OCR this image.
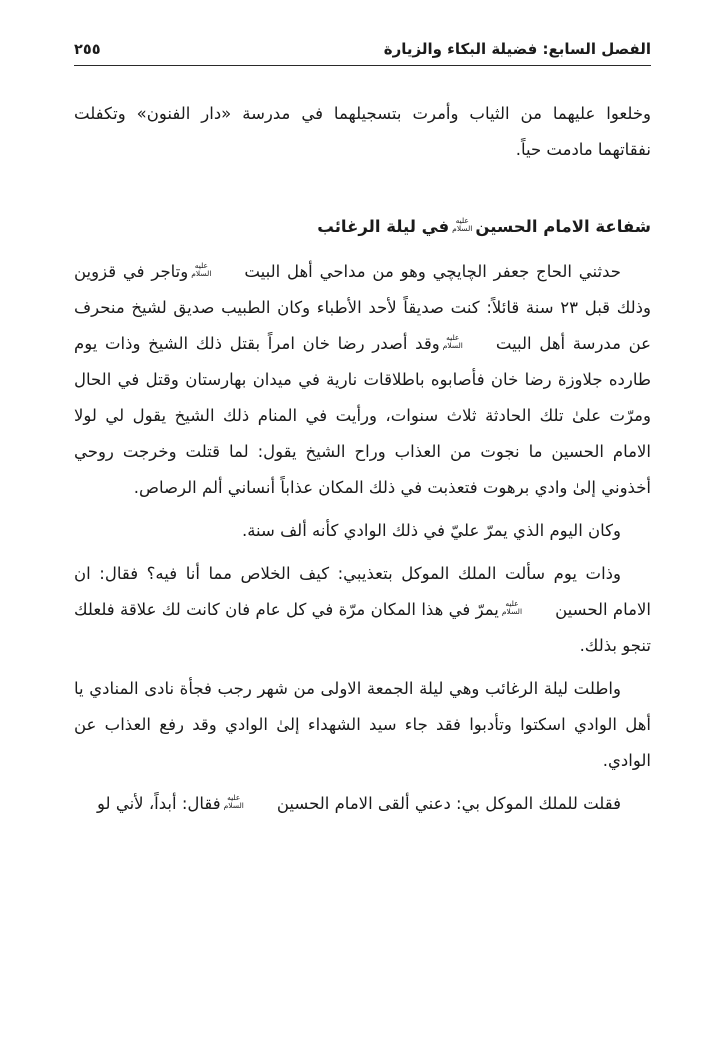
الفصل السابع: فضيلة البكاء والزيارة
٢٥٥

وخلعوا عليهما من الثياب وأمرت بتسجيلهما في مدرسة «دار الفنون» وتكفلت نفقاتهما مادمت حياً.

شفاعة الامام الحسين
عليه
السلام
في ليلة الرغائب

حدثني الحاج جعفر الچايچي وهو من مداحي أهل البيت
عليه
السلام
وتاجر في قزوين وذلك قبل ٢٣ سنة قائلاً: كنت صديقاً لأحد الأطباء وكان الطبيب صديق لشيخ منحرف عن مدرسة أهل البيت
عليه
السلام
وقد أصدر رضا خان امراً بقتل ذلك الشيخ وذات يوم طارده جلاوزة رضا خان فأصابوه باطلاقات نارية في ميدان بهارستان وقتل في الحال ومرّت علىٰ تلك الحادثة ثلاث سنوات، ورأيت في المنام ذلك الشيخ يقول لي لولا الامام الحسين ما نجوت من العذاب وراح الشيخ يقول: لما قتلت وخرجت روحي أخذوني إلىٰ وادي برهوت فتعذبت في ذلك المكان عذاباً أنساني ألم الرصاص.

وكان اليوم الذي يمرّ عليّ في ذلك الوادي كأنه ألف سنة.

وذات يوم سألت الملك الموكل بتعذيبي: كيف الخلاص مما أنا فيه؟ فقال: ان الامام الحسين
عليه
السلام
يمرّ في هذا المكان مرّة في كل عام فان كانت لك علاقة فلعلك تنجو بذلك.

واطلت ليلة الرغائب وهي ليلة الجمعة الاولى من شهر رجب فجأة نادى المنادي يا أهل الوادي اسكتوا وتأدبوا فقد جاء سيد الشهداء إلىٰ الوادي وقد رفع العذاب عن الوادي.

فقلت للملك الموكل بي: دعني ألقى الامام الحسين
عليه
السلام
فقال: أبداً، لأني لو
